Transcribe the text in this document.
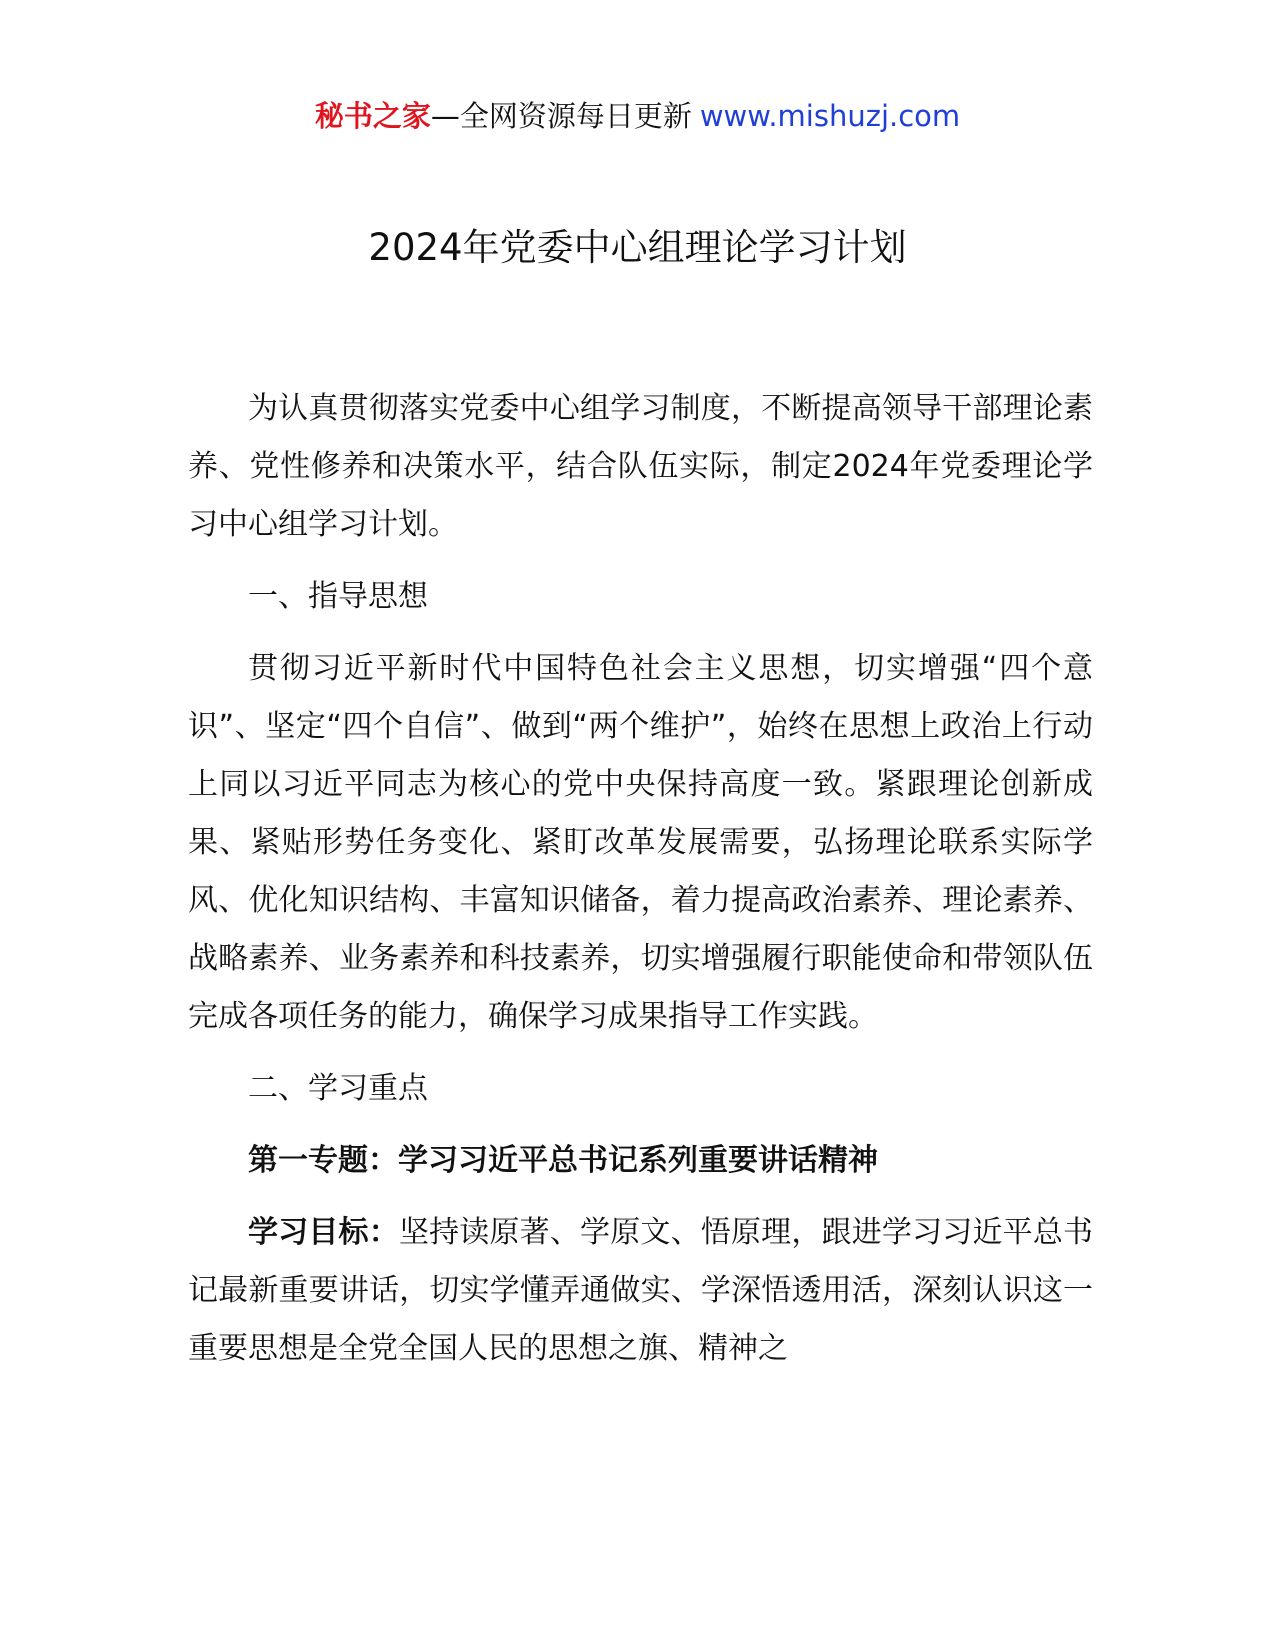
秘书之家—全网资源每日更新 www.mishuzj.com
2024年党委中心组理论学习计划

为认真贯彻落实党委中心组学习制度，不断提高领导干部理论素养、党性修养和决策水平，结合队伍实际，制定2024年党委理论学习中心组学习计划。

一、指导思想

贯彻习近平新时代中国特色社会主义思想，切实增强“四个意识”、坚定“四个自信”、做到“两个维护”，始终在思想上政治上行动上同以习近平同志为核心的党中央保持高度一致。紧跟理论创新成果、紧贴形势任务变化、紧盯改革发展需要，弘扬理论联系实际学风、优化知识结构、丰富知识储备，着力提高政治素养、理论素养、战略素养、业务素养和科技素养，切实增强履行职能使命和带领队伍完成各项任务的能力，确保学习成果指导工作实践。

二、学习重点

第一专题：学习习近平总书记系列重要讲话精神

学习目标：坚持读原著、学原文、悟原理，跟进学习习近平总书记最新重要讲话，切实学懂弄通做实、学深悟透用活，深刻认识这一重要思想是全党全国人民的思想之旗、精神之
